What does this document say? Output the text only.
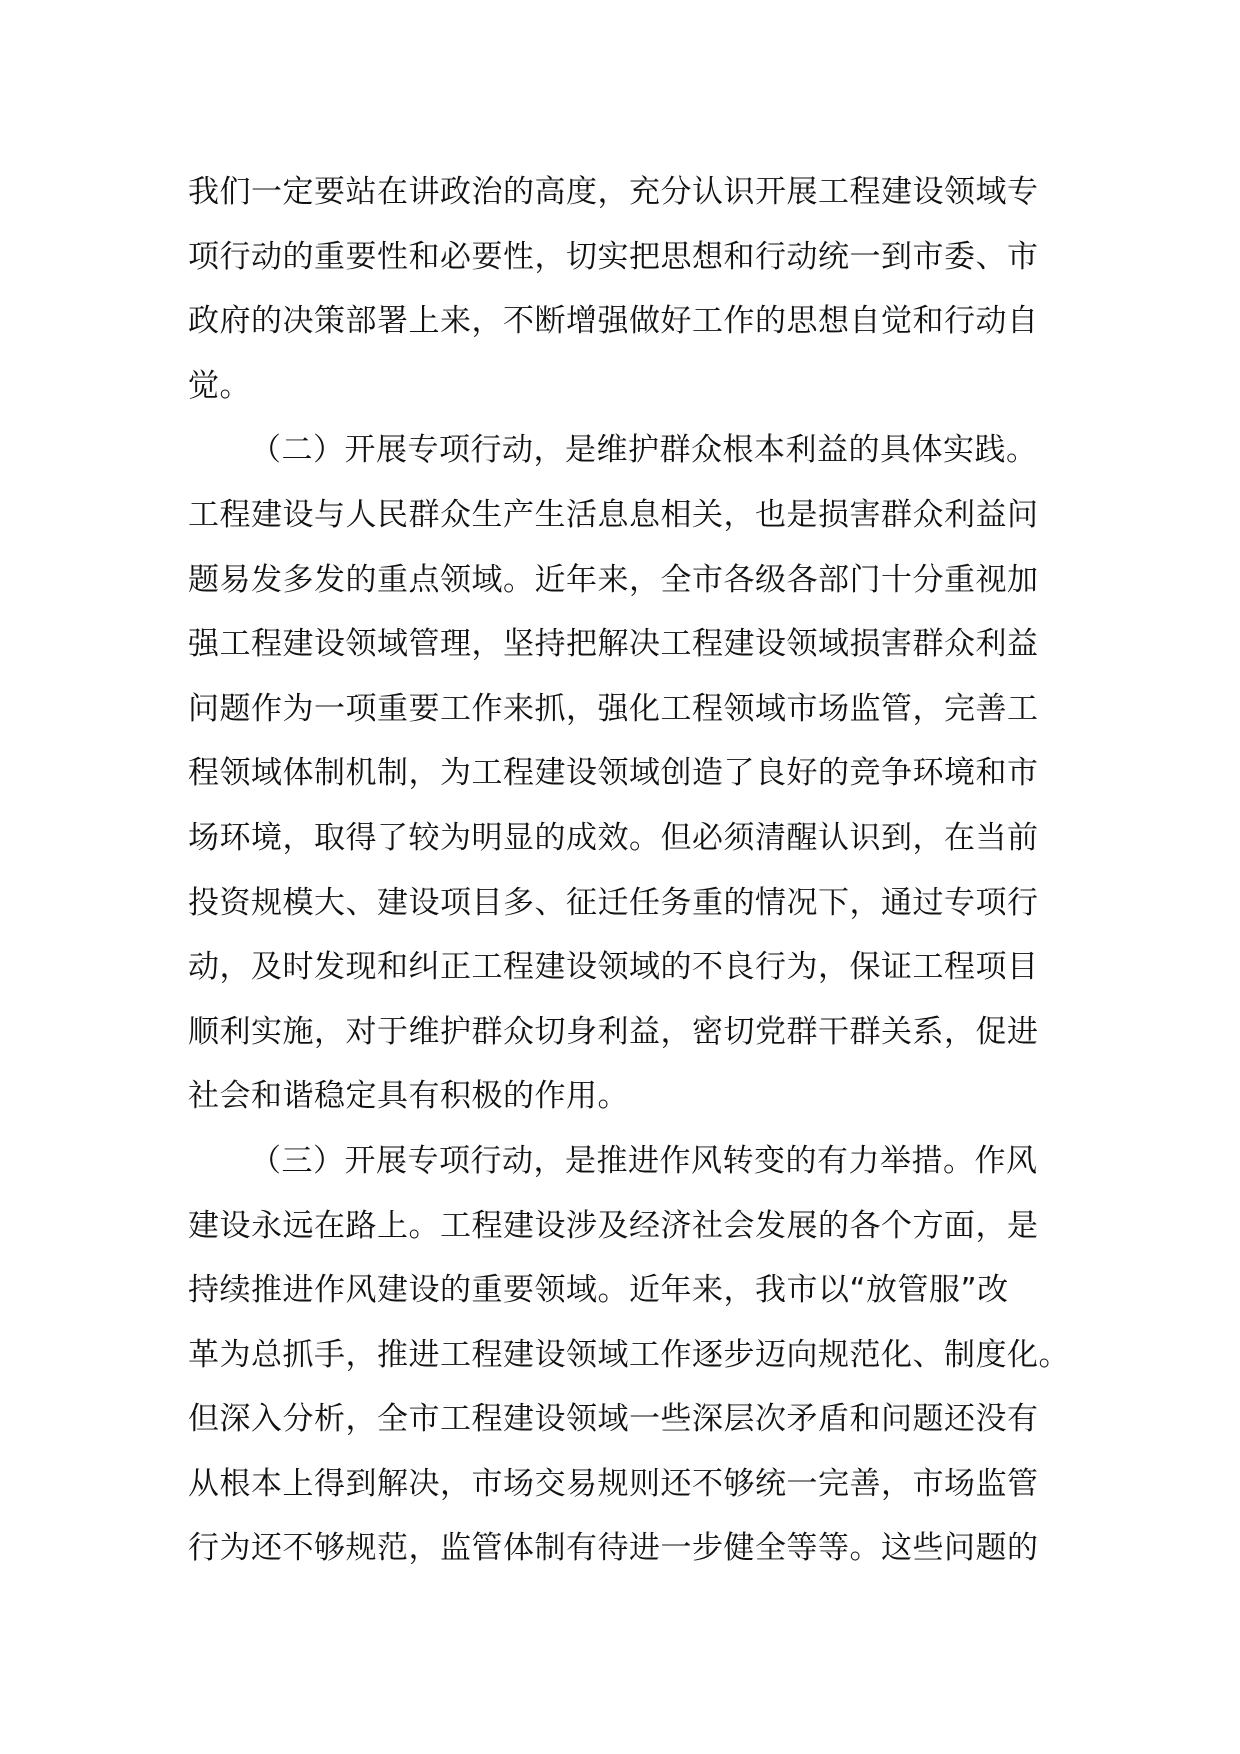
我们一定要站在讲政治的高度，充分认识开展工程建设领域专
项行动的重要性和必要性，切实把思想和行动统一到市委、市
政府的决策部署上来，不断增强做好工作的思想自觉和行动自
觉。
（二）开展专项行动，是维护群众根本利益的具体实践。
工程建设与人民群众生产生活息息相关，也是损害群众利益问
题易发多发的重点领域。近年来，全市各级各部门十分重视加
强工程建设领域管理，坚持把解决工程建设领域损害群众利益
问题作为一项重要工作来抓，强化工程领域市场监管，完善工
程领域体制机制，为工程建设领域创造了良好的竞争环境和市
场环境，取得了较为明显的成效。但必须清醒认识到，在当前
投资规模大、建设项目多、征迁任务重的情况下，通过专项行
动，及时发现和纠正工程建设领域的不良行为，保证工程项目
顺利实施，对于维护群众切身利益，密切党群干群关系，促进
社会和谐稳定具有积极的作用。
（三）开展专项行动，是推进作风转变的有力举措。作风
建设永远在路上。工程建设涉及经济社会发展的各个方面，是
持续推进作风建设的重要领域。近年来，我市以“放管服”改
革为总抓手，推进工程建设领域工作逐步迈向规范化、制度化。
但深入分析，全市工程建设领域一些深层次矛盾和问题还没有
从根本上得到解决，市场交易规则还不够统一完善，市场监管
行为还不够规范，监管体制有待进一步健全等等。这些问题的
